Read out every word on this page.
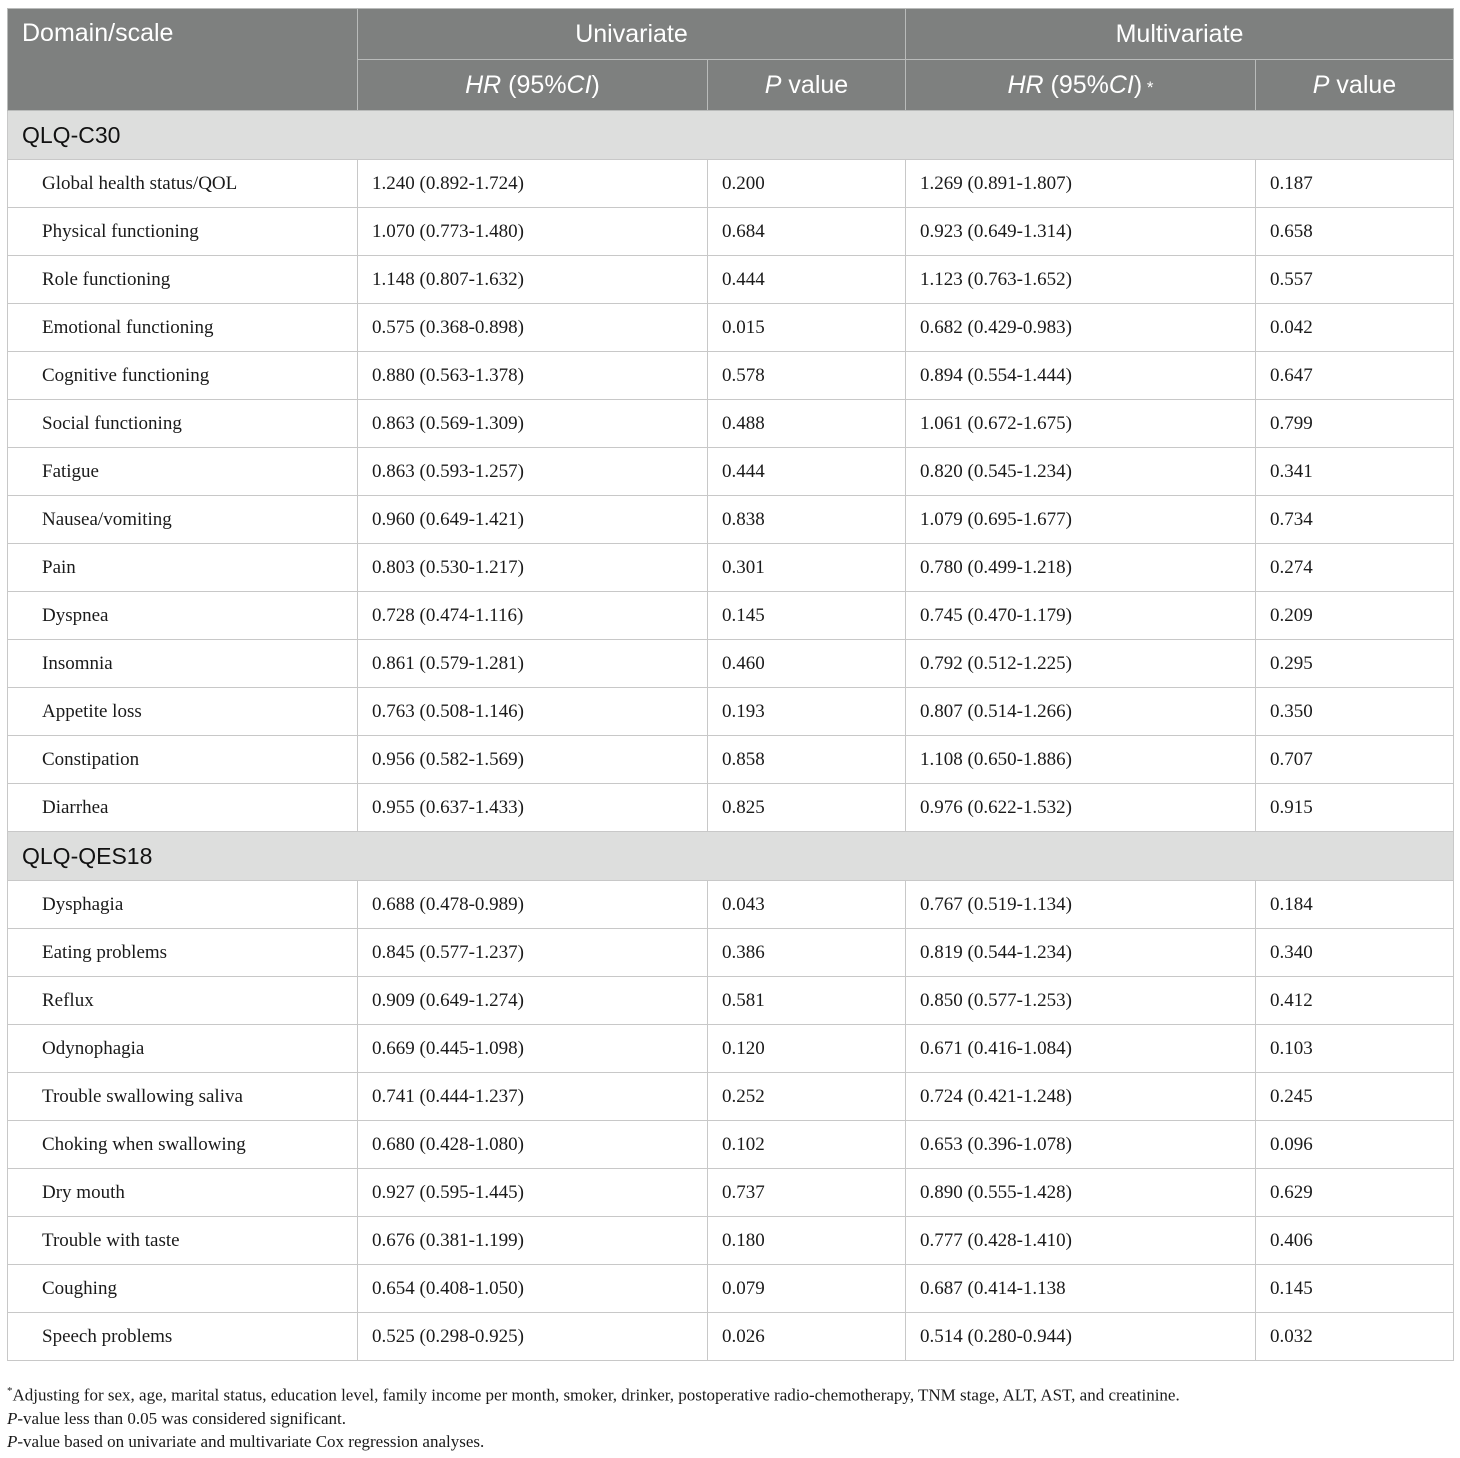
Domain/scale	Univariate		Multivariate	
	HR (95%CI)	P value	HR (95%CI) *	P value
QLQ-C30				
Global health status/QOL	1.240 (0.892-1.724)	0.200	1.269 (0.891-1.807)	0.187
Physical functioning	1.070 (0.773-1.480)	0.684	0.923 (0.649-1.314)	0.658
Role functioning	1.148 (0.807-1.632)	0.444	1.123 (0.763-1.652)	0.557
Emotional functioning	0.575 (0.368-0.898)	0.015	0.682 (0.429-0.983)	0.042
Cognitive functioning	0.880 (0.563-1.378)	0.578	0.894 (0.554-1.444)	0.647
Social functioning	0.863 (0.569-1.309)	0.488	1.061 (0.672-1.675)	0.799
Fatigue	0.863 (0.593-1.257)	0.444	0.820 (0.545-1.234)	0.341
Nausea/vomiting	0.960 (0.649-1.421)	0.838	1.079 (0.695-1.677)	0.734
Pain	0.803 (0.530-1.217)	0.301	0.780 (0.499-1.218)	0.274
Dyspnea	0.728 (0.474-1.116)	0.145	0.745 (0.470-1.179)	0.209
Insomnia	0.861 (0.579-1.281)	0.460	0.792 (0.512-1.225)	0.295
Appetite loss	0.763 (0.508-1.146)	0.193	0.807 (0.514-1.266)	0.350
Constipation	0.956 (0.582-1.569)	0.858	1.108 (0.650-1.886)	0.707
Diarrhea	0.955 (0.637-1.433)	0.825	0.976 (0.622-1.532)	0.915
QLQ-QES18				
Dysphagia	0.688 (0.478-0.989)	0.043	0.767 (0.519-1.134)	0.184
Eating problems	0.845 (0.577-1.237)	0.386	0.819 (0.544-1.234)	0.340
Reflux	0.909 (0.649-1.274)	0.581	0.850 (0.577-1.253)	0.412
Odynophagia	0.669 (0.445-1.098)	0.120	0.671 (0.416-1.084)	0.103
Trouble swallowing saliva	0.741 (0.444-1.237)	0.252	0.724 (0.421-1.248)	0.245
Choking when swallowing	0.680 (0.428-1.080)	0.102	0.653 (0.396-1.078)	0.096
Dry mouth	0.927 (0.595-1.445)	0.737	0.890 (0.555-1.428)	0.629
Trouble with taste	0.676 (0.381-1.199)	0.180	0.777 (0.428-1.410)	0.406
Coughing	0.654 (0.408-1.050)	0.079	0.687 (0.414-1.138	0.145
Speech problems	0.525 (0.298-0.925)	0.026	0.514 (0.280-0.944)	0.032
*Adjusting for sex, age, marital status, education level, family income per month, smoker, drinker, postoperative radio-chemotherapy, TNM stage, ALT, AST, and creatinine.
P-value less than 0.05 was considered significant.
P-value based on univariate and multivariate Cox regression analyses.
